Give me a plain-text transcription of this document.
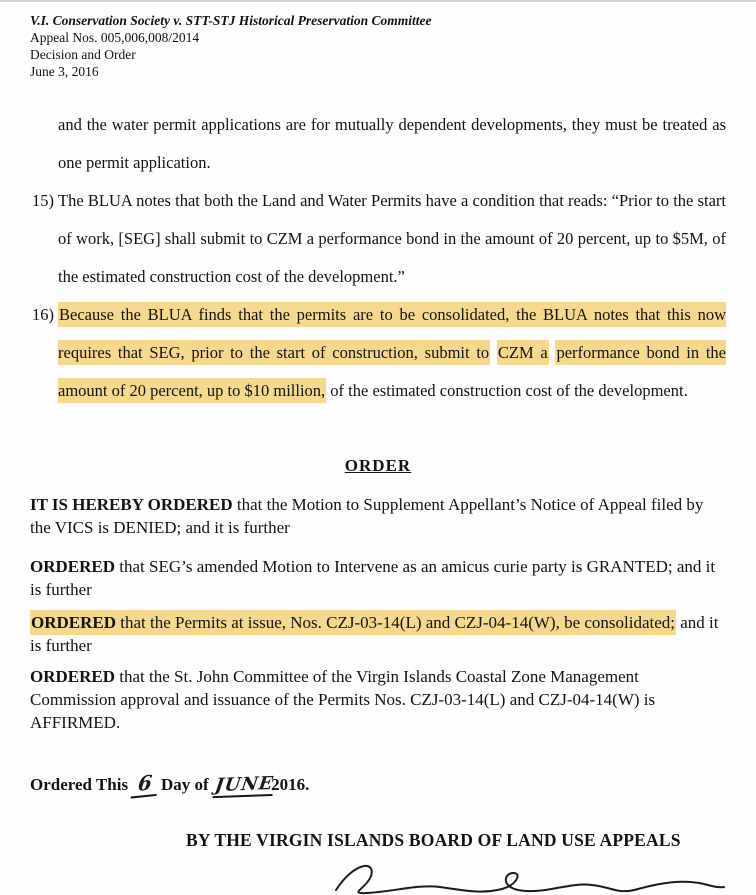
V.I. Conservation Society v. STT-STJ Historical Preservation Committee
Appeal Nos. 005,006,008/2014
Decision and Order
June 3, 2016
and the water permit applications are for mutually dependent developments, they must be treated as one permit application.
15) The BLUA notes that both the Land and Water Permits have a condition that reads: “Prior to the start of work, [SEG] shall submit to CZM a performance bond in the amount of 20 percent, up to $5M, of the estimated construction cost of the development.”
16) Because the BLUA finds that the permits are to be consolidated, the BLUA notes that this now requires that SEG, prior to the start of construction, submit to CZM a performance bond in the amount of 20 percent, up to $10 million, of the estimated construction cost of the development.
ORDER

IT IS HEREBY ORDERED that the Motion to Supplement Appellant’s Notice of Appeal filed by the VICS is DENIED; and it is further

ORDERED that SEG’s amended Motion to Intervene as an amicus curie party is GRANTED; and it is further

ORDERED that the Permits at issue, Nos. CZJ-03-14(L) and CZJ-04-14(W), be consolidated; and it is further

ORDERED that the St. John Committee of the Virgin Islands Coastal Zone Management Commission approval and issuance of the Permits Nos. CZJ-03-14(L) and CZJ-04-14(W) is AFFIRMED.

Ordered This 6 Day of JUNE2016.

BY THE VIRGIN ISLANDS BOARD OF LAND USE APPEALS
